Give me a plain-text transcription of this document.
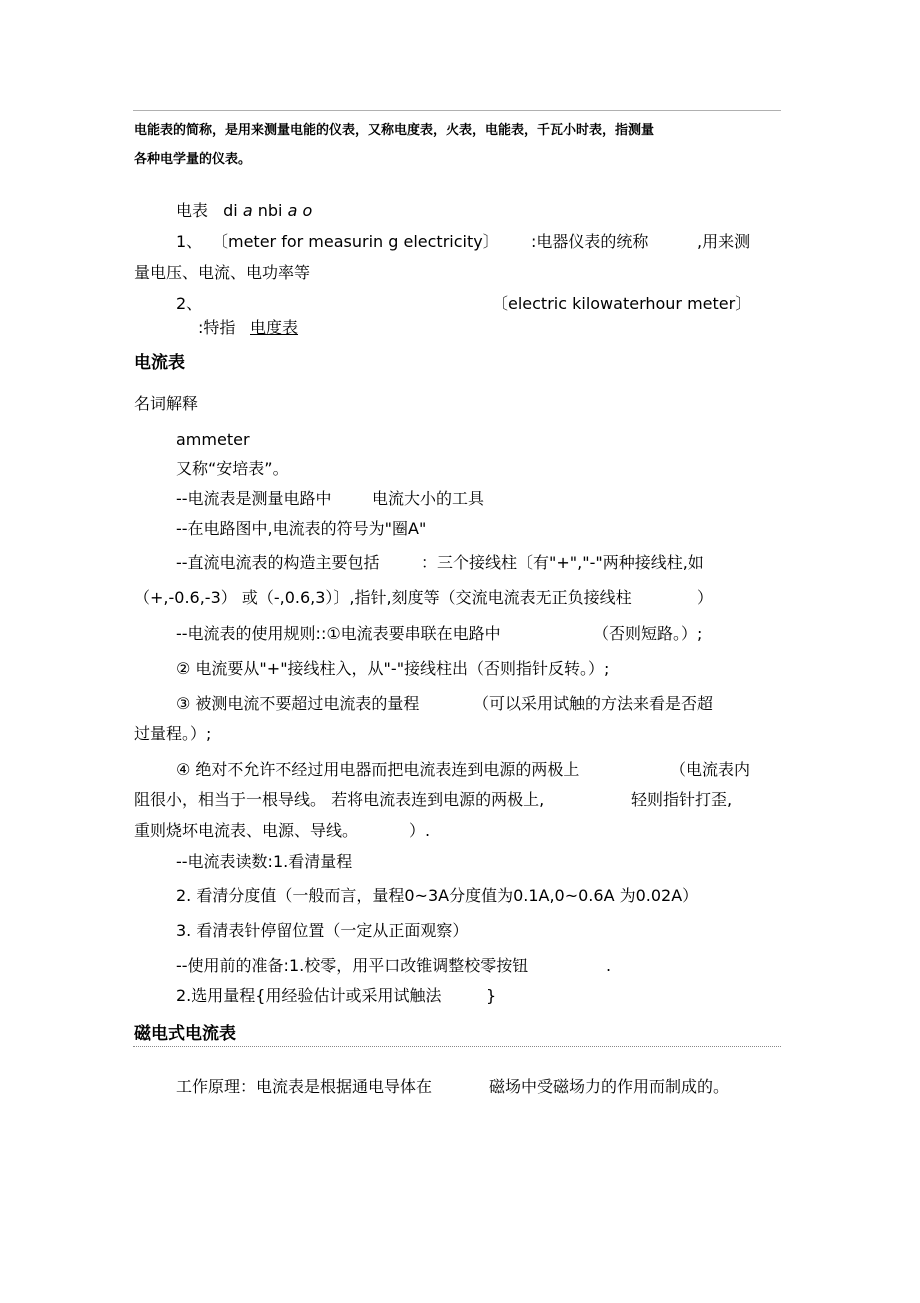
电能表的简称，是用来测量电能的仪表，又称电度表，火表，电能表，千瓦小时表，指测量
各种电学量的仪表。
电表 di a nbi a o
1、 〔meter for measurin g electricity〕 :电器仪表的统称	,用来测
量电压、电流、电功率等
2、	〔electric kilowaterhour meter〕
:特指 电度表
电流表
名词解释
ammeter
又称“安培表”。
--电流表是测量电路中	电流大小的工具
--在电路图中,电流表的符号为"圈A"
--直流电流表的构造主要包括	：三个接线柱〔有"+","-"两种接线柱,如
（+,-0.6,-3） 或（-,0.6,3）〕,指针,刻度等（交流电流表无正负接线柱	）
--电流表的使用规则::①电流表要串联在电路中	（否则短路。）;
② 电流要从"+"接线柱入，从"-"接线柱出（否则指针反转。）;
③ 被测电流不要超过电流表的量程	（可以采用试触的方法来看是否超
过量程。）;
④ 绝对不允许不经过用电器而把电流表连到电源的两极上	（电流表内
阻很小，相当于一根导线。 若将电流表连到电源的两极上,	轻则指针打歪,
重则烧坏电流表、电源、导线。	）.
--电流表读数:1.看清量程
2. 看清分度值（一般而言，量程0~3A分度值为0.1A,0~0.6A 为0.02A）
3. 看清表针停留位置（一定从正面观察）
--使用前的准备:1.校零，用平口改锥调整校零按钮	.
2.选用量程{用经验估计或采用试触法	}
磁电式电流表
工作原理：电流表是根据通电导体在	磁场中受磁场力的作用而制成的。
